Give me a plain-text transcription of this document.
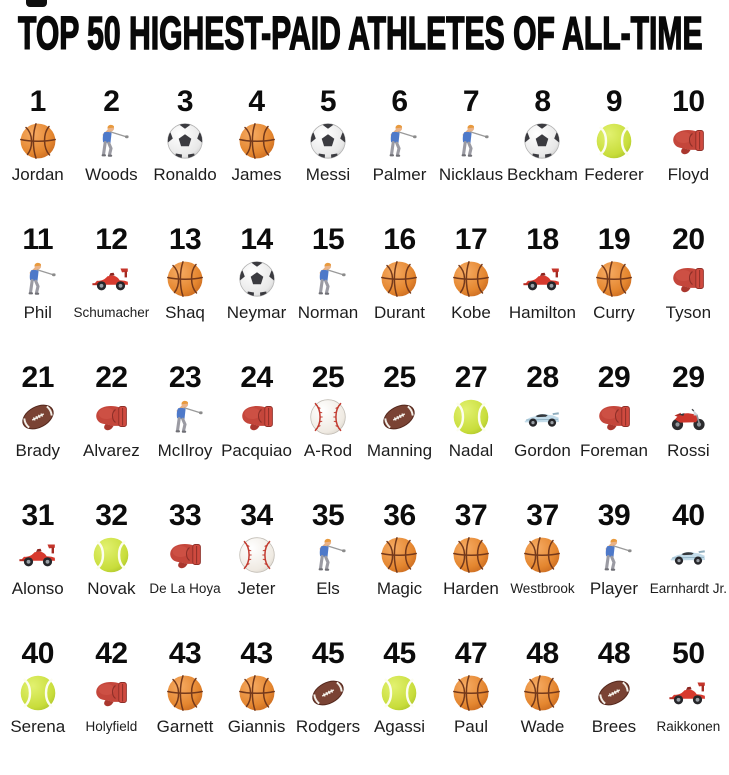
TOP 50 HIGHEST-PAID ATHLETES OF ALL-TIME
1
Jordan
2
Woods
3
Ronaldo
4
James
5
Messi
6
Palmer
7
Nicklaus
8
Beckham
9
Federer
10
Floyd
11
Phil
12
Schumacher
13
Shaq
14
Neymar
15
Norman
16
Durant
17
Kobe
18
Hamilton
19
Curry
20
Tyson
21
Brady
22
Alvarez
23
McIlroy
24
Pacquiao
25
A-Rod
25
Manning
27
Nadal
28
Gordon
29
Foreman
29
Rossi
31
Alonso
32
Novak
33
De La Hoya
34
Jeter
35
Els
36
Magic
37
Harden
37
Westbrook
39
Player
40
Earnhardt Jr.
40
Serena
42
Holyfield
43
Garnett
43
Giannis
45
Rodgers
45
Agassi
47
Paul
48
Wade
48
Brees
50
Raikkonen
